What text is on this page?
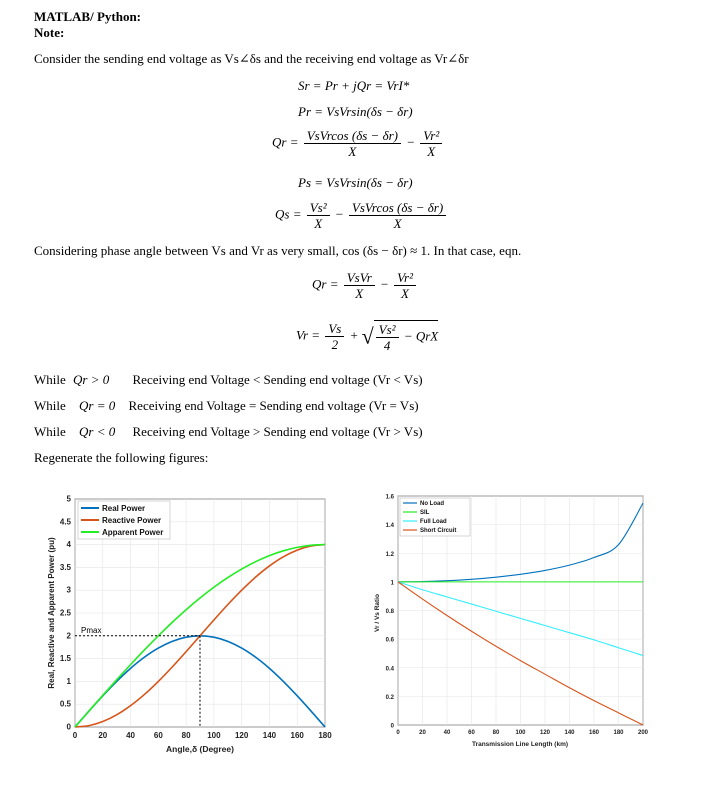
MATLAB/ Python:
Note:
Consider the sending end voltage as Vs∠δs and the receiving end voltage as Vr∠δr
Sr = Pr + jQr = VrI*
Pr = VsVrsin(δs − δr)
$Qr = \frac{\text{VsVrcos (δs − δr)}}{X} - \frac{\text{Vr²}}{X}$
Ps = VsVrsin(δs − δr)
$Qs = \frac{\text{Vs²}}{X} - \frac{\text{VsVrcos (δs − δr)}}{X}$
Considering phase angle between Vs and Vr as very small, cos (δs − δr) ≈ 1. In that case, eqn.
$Qr = \frac{\text{VsVr}}{X} - \frac{\text{Vr²}}{X}$
$Vr = \frac{Vs}{2}$ + √ $\frac{\text{Vs²}}{4}$ − QrX
While Qr > 0 Receiving end Voltage < Sending end voltage (Vr < Vs)
While Qr = 0 Receiving end Voltage = Sending end voltage (Vr = Vs)
While Qr < 0 Receiving end Voltage > Sending end voltage (Vr > Vs)
Regenerate the following figures:
0	20 40 60 80 100 120 140 160 180
0
0.5
1
1.5
2
2.5
3
3.5
4
4.5
5
Pmax
Angle,δ (Degree)
Real, Reactive and Apparent Power (pu)
Real Power
Reactive Power
Apparent Power
0	20	40	60	80	100 120 140 160 180 200
0
0.2
0.4
0.6
0.8
1
1.2
1.4
1.6
Transmission Line Length (km)
Vr / Vs Ratio
No Load
SIL
Full Load
Short Circuit
